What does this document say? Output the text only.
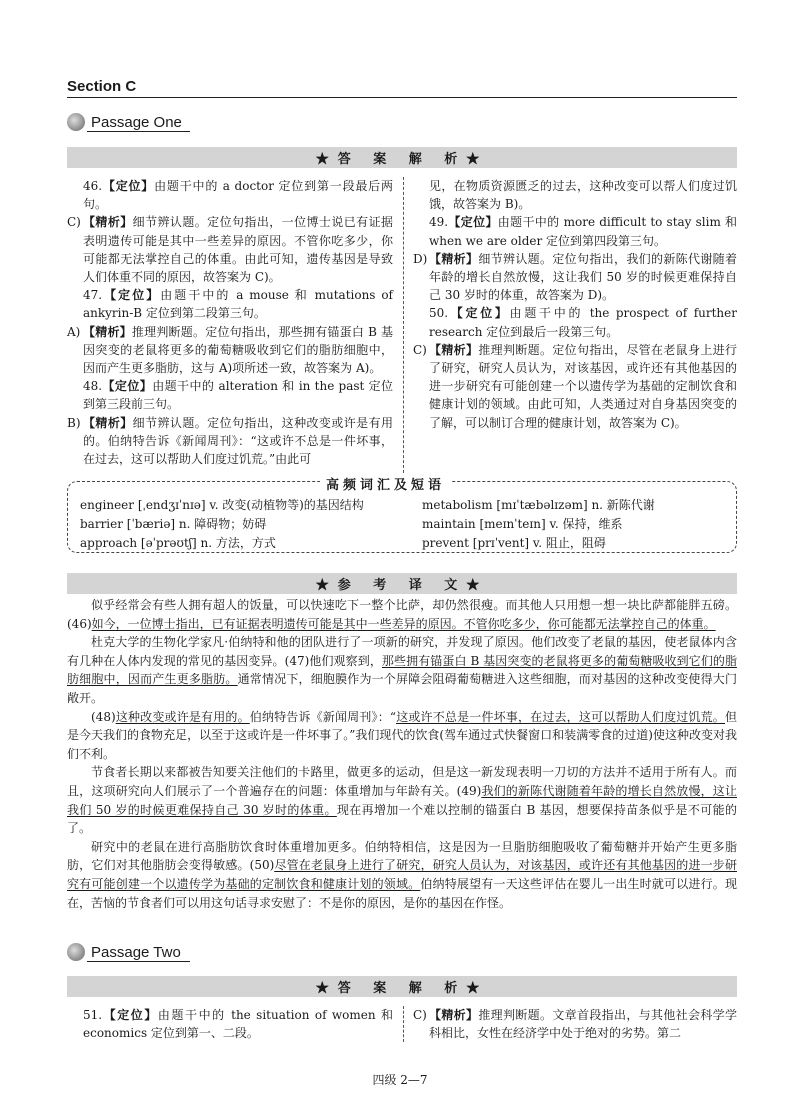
Section C
Passage One
★答 案 解 析★
46.【定位】由题干中的 a doctor 定位到第一段最后两句。
C) 【精析】细节辨认题。定位句指出，一位博士说已有证据表明遗传可能是其中一些差异的原因。不管你吃多少，你可能都无法掌控自己的体重。由此可知，遗传基因是导致人们体重不同的原因，故答案为 C)。
47.【定位】由题干中的 a mouse 和 mutations of ankyrin-B 定位到第二段第三句。
A) 【精析】推理判断题。定位句指出，那些拥有锚蛋白 B 基因突变的老鼠将更多的葡萄糖吸收到它们的脂肪细胞中，因而产生更多脂肪，这与 A)项所述一致，故答案为 A)。
48.【定位】由题干中的 alteration 和 in the past 定位到第三段前三句。
B) 【精析】细节辨认题。定位句指出，这种改变或许是有用的。伯纳特告诉《新闻周刊》：“这或许不总是一件坏事，在过去，这可以帮助人们度过饥荒。”由此可
见，在物质资源匮乏的过去，这种改变可以帮人们度过饥饿，故答案为 B)。
49.【定位】由题干中的 more difficult to stay slim 和 when we are older 定位到第四段第三句。
D) 【精析】细节辨认题。定位句指出，我们的新陈代谢随着年龄的增长自然放慢，这让我们 50 岁的时候更难保持自己 30 岁时的体重，故答案为 D)。
50.【定位】由题干中的 the prospect of further research 定位到最后一段第三句。
C) 【精析】推理判断题。定位句指出，尽管在老鼠身上进行了研究，研究人员认为，对该基因，或许还有其他基因的进一步研究有可能创建一个以遗传学为基础的定制饮食和健康计划的领域。由此可知，人类通过对自身基因突变的了解，可以制订合理的健康计划，故答案为 C)。
高频词汇及短语
engineer [ˌendʒɪˈnɪə] v. 改变(动植物等)的基因结构
barrier [ˈbæriə] n. 障碍物；妨碍
approach [əˈprəʊtʃ] n. 方法，方式
metabolism [mɪˈtæbəlɪzəm] n. 新陈代谢
maintain [meɪnˈteɪn] v. 保持，维系
prevent [prɪˈvent] v. 阻止，阻碍
★参 考 译 文★

似乎经常会有些人拥有超人的饭量，可以快速吃下一整个比萨，却仍然很瘦。而其他人只用想一想一块比萨都能胖五磅。(46)如今，一位博士指出，已有证据表明遗传可能是其中一些差异的原因。不管你吃多少，你可能都无法掌控自己的体重。

杜克大学的生物化学家凡·伯纳特和他的团队进行了一项新的研究，并发现了原因。他们改变了老鼠的基因，使老鼠体内含有几种在人体内发现的常见的基因变异。(47)他们观察到，那些拥有锚蛋白 B 基因突变的老鼠将更多的葡萄糖吸收到它们的脂肪细胞中，因而产生更多脂肪。通常情况下，细胞膜作为一个屏障会阻碍葡萄糖进入这些细胞，而对基因的这种改变使得大门敞开。

(48)这种改变或许是有用的。伯纳特告诉《新闻周刊》：“这或许不总是一件坏事，在过去，这可以帮助人们度过饥荒。但是今天我们的食物充足，以至于这或许是一件坏事了。”我们现代的饮食(驾车通过式快餐窗口和装满零食的过道)使这种改变对我们不利。

节食者长期以来都被告知要关注他们的卡路里，做更多的运动，但是这一新发现表明一刀切的方法并不适用于所有人。而且，这项研究向人们展示了一个普遍存在的问题：体重增加与年龄有关。(49)我们的新陈代谢随着年龄的增长自然放慢，这让我们 50 岁的时候更难保持自己 30 岁时的体重。现在再增加一个难以控制的锚蛋白 B 基因，想要保持苗条似乎是不可能的了。

研究中的老鼠在进行高脂肪饮食时体重增加更多。伯纳特相信，这是因为一旦脂肪细胞吸收了葡萄糖并开始产生更多脂肪，它们对其他脂肪会变得敏感。(50)尽管在老鼠身上进行了研究，研究人员认为，对该基因，或许还有其他基因的进一步研究有可能创建一个以遗传学为基础的定制饮食和健康计划的领域。伯纳特展望有一天这些评估在婴儿一出生时就可以进行。现在，苦恼的节食者们可以用这句话寻求安慰了：不是你的原因，是你的基因在作怪。

Passage Two
★答 案 解 析★
51.【定位】由题干中的 the situation of women 和 economics 定位到第一、二段。
C) 【精析】推理判断题。文章首段指出，与其他社会科学学科相比，女性在经济学中处于绝对的劣势。第二
四级 2—7
